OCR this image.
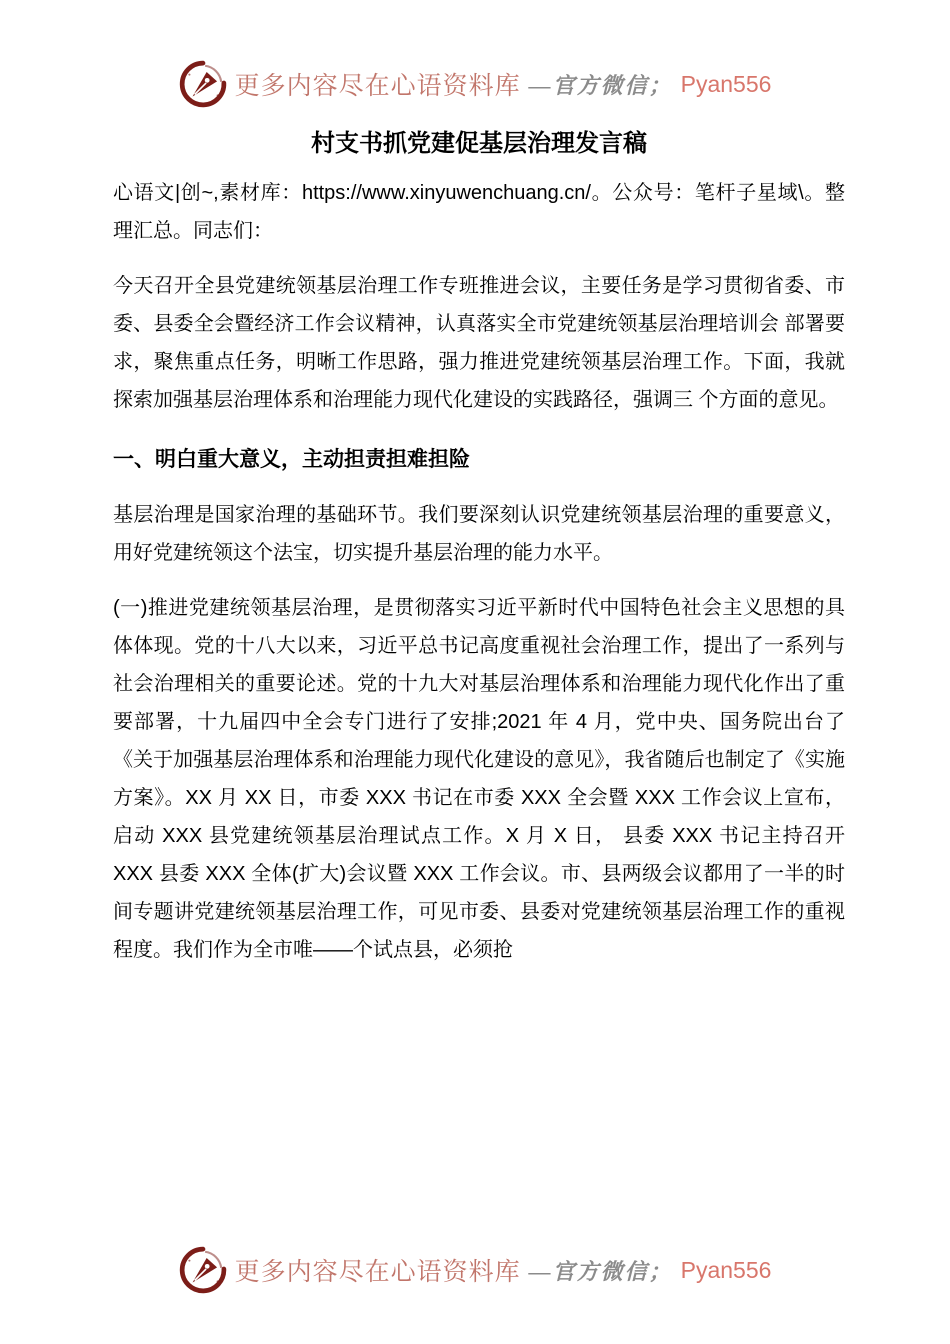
更多内容尽在心语资料库 —官方微信； Pyan556
村支书抓党建促基层治理发言稿

心语文|创~,素材库：https://www.xinyuwenchuang.cn/。公众号：笔杆子星域\。整理汇总。同志们：

今天召开全县党建统领基层治理工作专班推进会议，主要任务是学习贯彻省委、市委、县委全会暨经济工作会议精神，认真落实全市党建统领基层治理培训会 部署要求，聚焦重点任务，明晰工作思路，强力推进党建统领基层治理工作。下面，我就探索加强基层治理体系和治理能力现代化建设的实践路径，强调三 个方面的意见。

一、明白重大意义，主动担责担难担险

基层治理是国家治理的基础环节。我们要深刻认识党建统领基层治理的重要意义，用好党建统领这个法宝，切实提升基层治理的能力水平。

(一)推进党建统领基层治理，是贯彻落实习近平新时代中国特色社会主义思想的具体体现。党的十八大以来，习近平总书记高度重视社会治理工作，提出了一系列与社会治理相关的重要论述。党的十九大对基层治理体系和治理能力现代化作出了重要部署，十九届四中全会专门进行了安排;2021 年 4 月，党中央、国务院出台了《关于加强基层治理体系和治理能力现代化建设的意见》，我省随后也制定了《实施方案》。XX 月 XX 日，市委 XXX 书记在市委 XXX 全会暨 XXX 工作会议上宣布，启动 XXX 县党建统领基层治理试点工作。X 月 X 日， 县委 XXX 书记主持召开 XXX 县委 XXX 全体(扩大)会议暨 XXX 工作会议。市、县两级会议都用了一半的时间专题讲党建统领基层治理工作，可见市委、县委对党建统领基层治理工作的重视程度。我们作为全市唯——个试点县，必须抢

更多内容尽在心语资料库 —官方微信； Pyan556
